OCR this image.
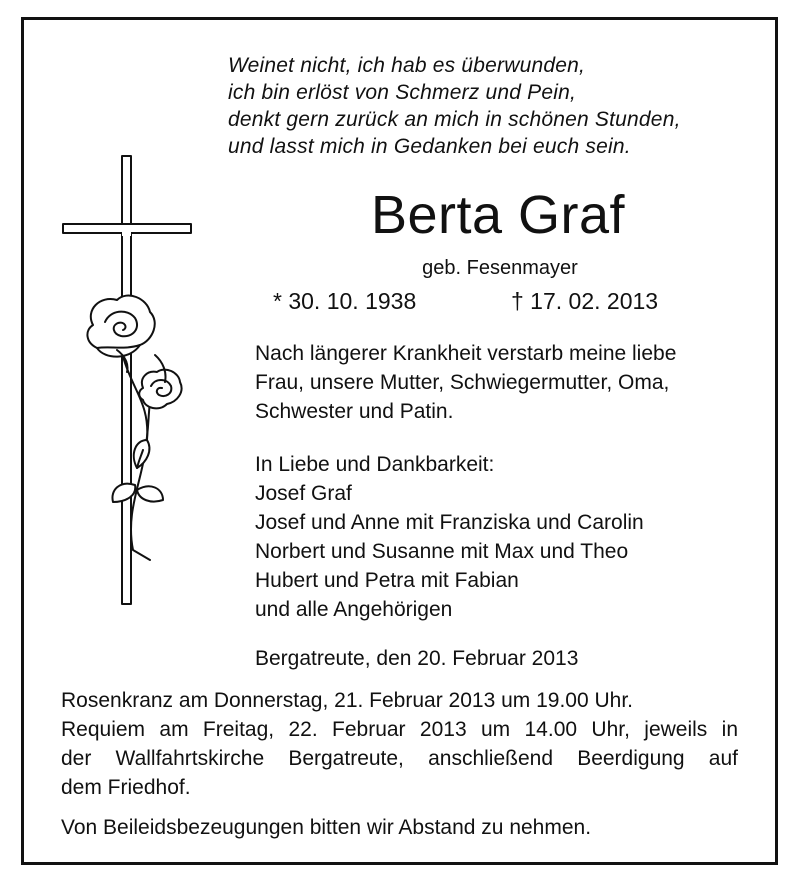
Weinet nicht, ich hab es überwunden,
ich bin erlöst von Schmerz und Pein,
denkt gern zurück an mich in schönen Stunden,
und lasst mich in Gedanken bei euch sein.
Berta Graf
geb. Fesenmayer
* 30. 10. 1938	† 17. 02. 2013
Nach längerer Krankheit verstarb meine liebe
Frau, unsere Mutter, Schwiegermutter, Oma,
Schwester und Patin.
In Liebe und Dankbarkeit:
Josef Graf
Josef und Anne mit Franziska und Carolin
Norbert und Susanne mit Max und Theo
Hubert und Petra mit Fabian
und alle Angehörigen
Bergatreute, den 20. Februar 2013
Rosenkranz am Donnerstag, 21. Februar 2013 um 19.00 Uhr.
Requiem am Freitag, 22. Februar 2013 um 14.00 Uhr, jeweils in
der Wallfahrtskirche Bergatreute, anschließend Beerdigung auf
dem Friedhof.
Von Beileidsbezeugungen bitten wir Abstand zu nehmen.
